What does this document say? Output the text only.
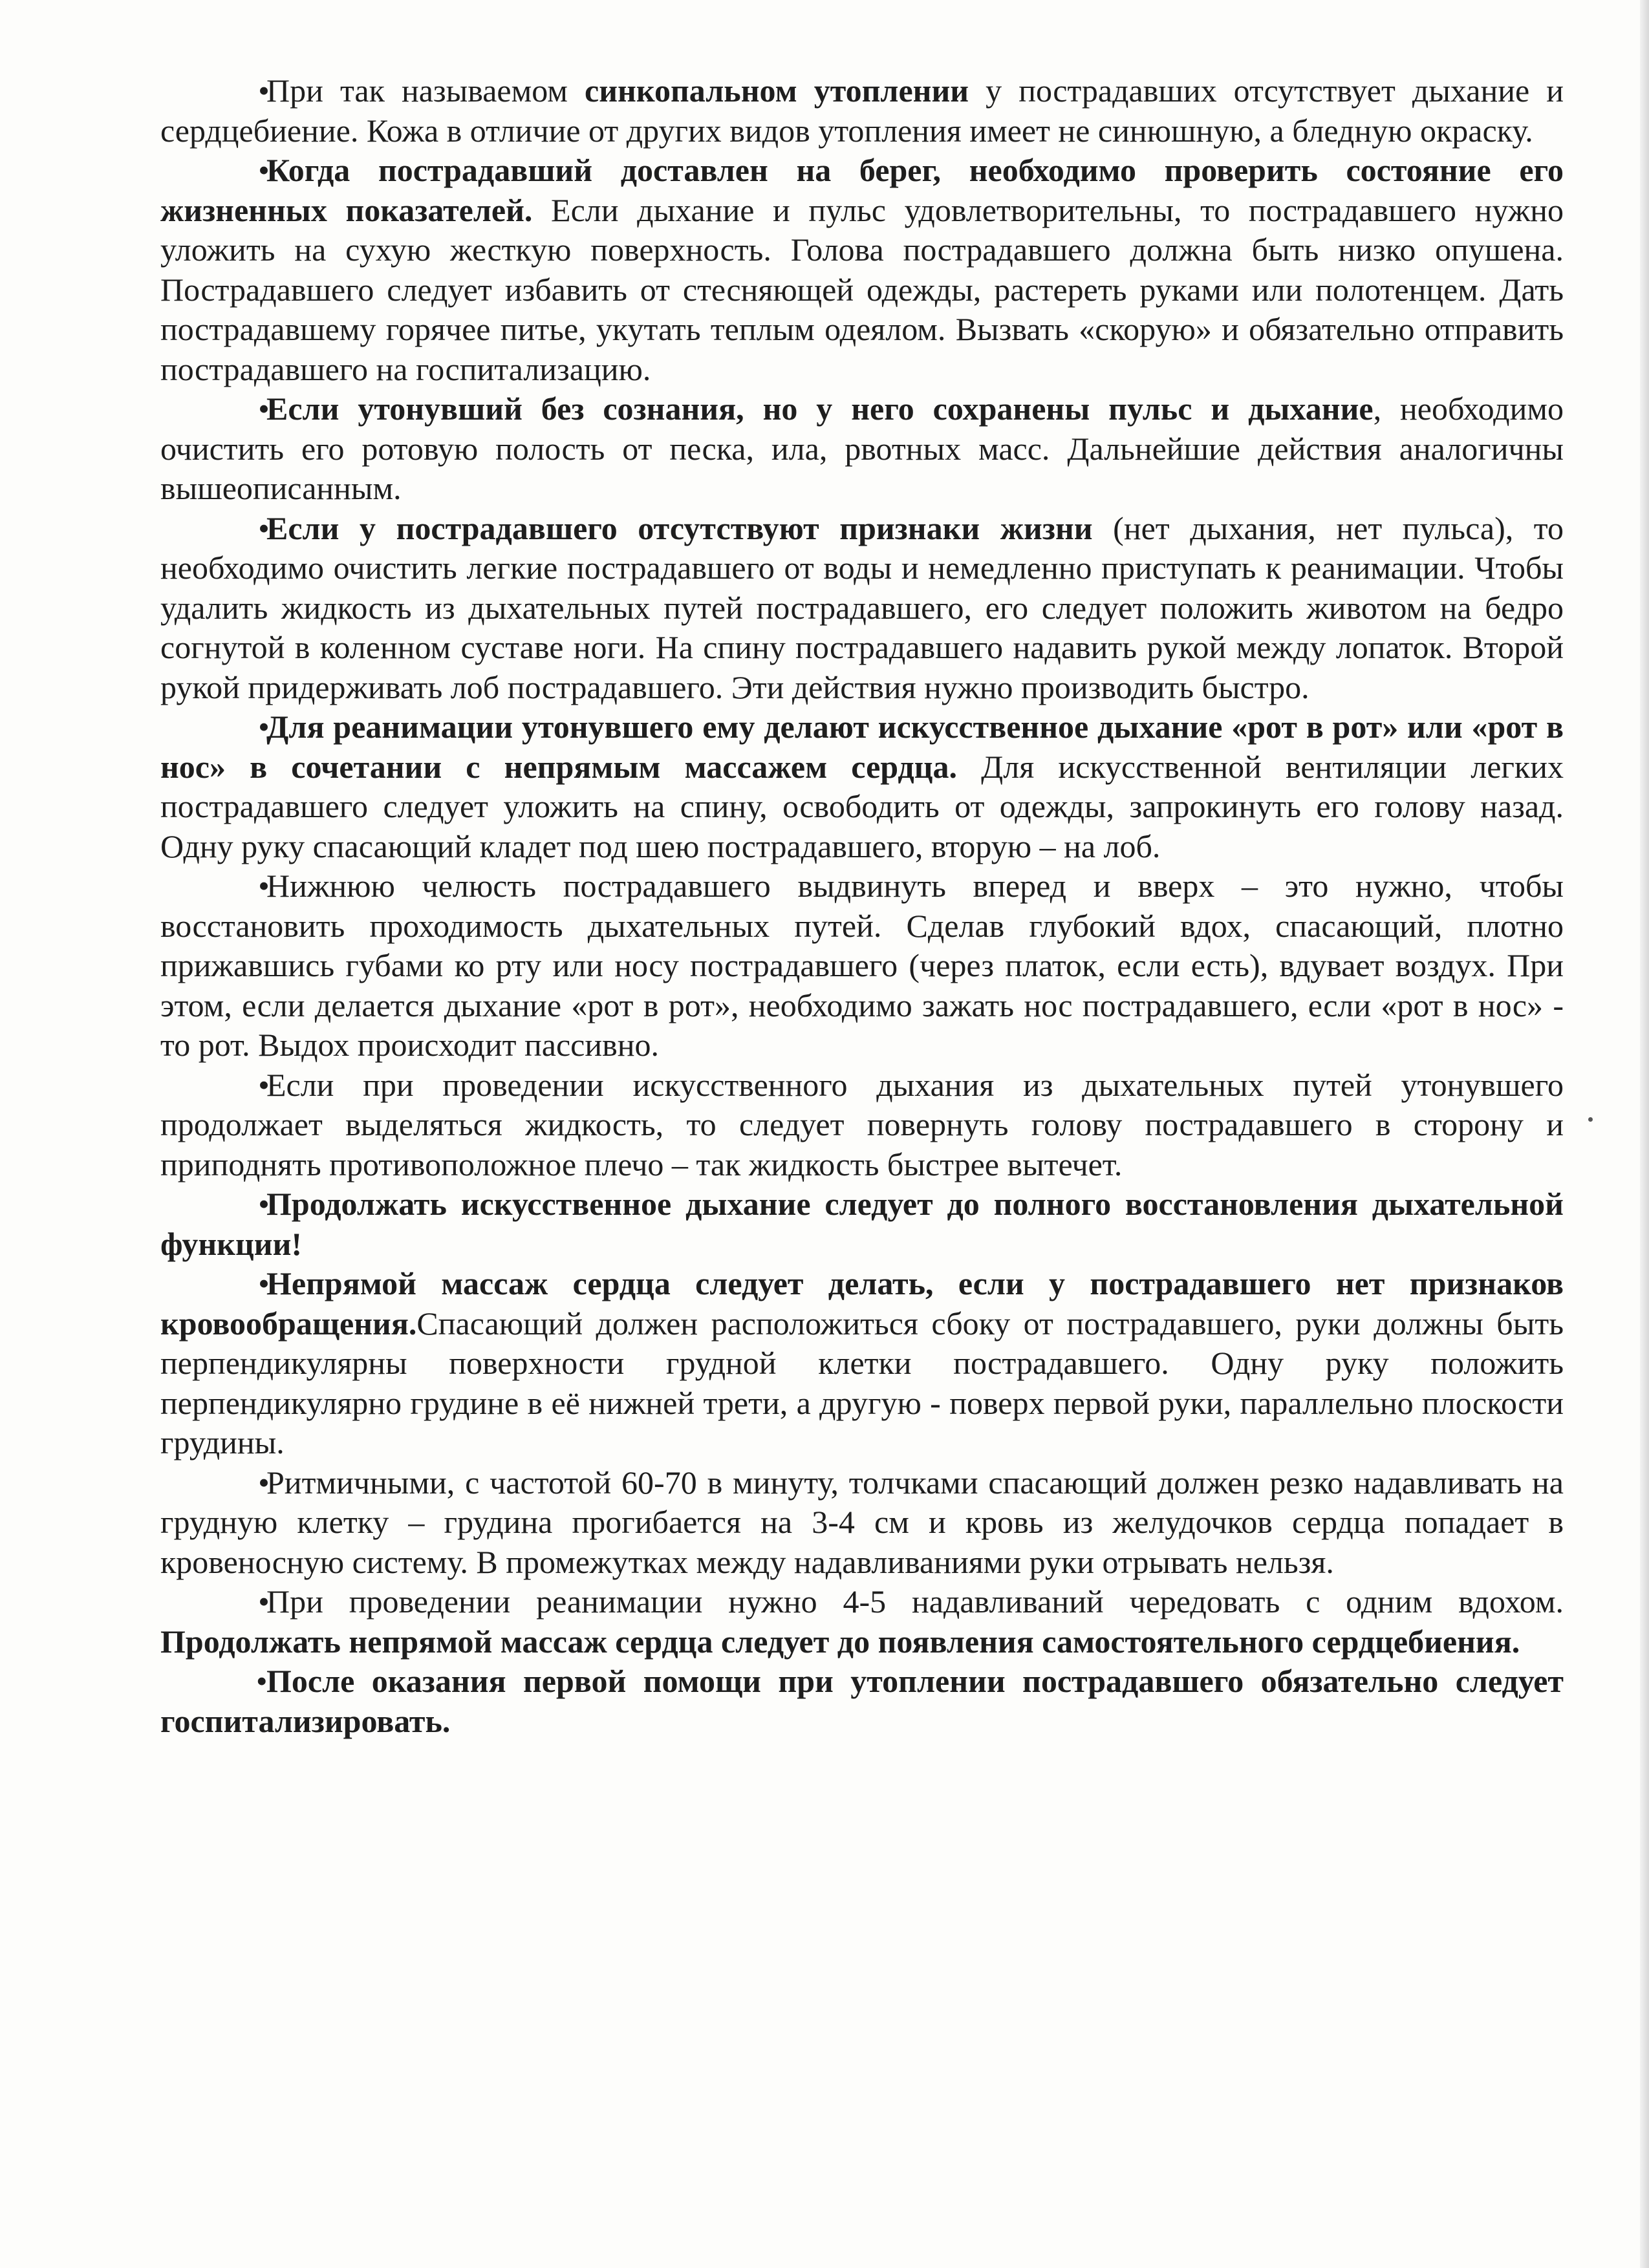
•
При так называемом синкопальном утоплении у пострадавших отсутствует дыхание и сердцебиение. Кожа в отличие от других видов утопления имеет не синюшную, а бледную окраску.

•
Когда пострадавший доставлен на берег, необходимо проверить состояние его жизненных показателей. Если дыхание и пульс удовлетворительны, то пострадавшего нужно уложить на сухую жесткую поверхность. Голова пострадавшего должна быть низко опушена. Пострадавшего следует избавить от стесняющей одежды, растереть руками или полотенцем. Дать пострадавшему горячее питье, укутать теплым одеялом. Вызвать «скорую» и обязательно отправить пострадавшего на госпитализацию.

•
Если утонувший без сознания, но у него сохранены пульс и дыхание, необходимо очистить его ротовую полость от песка, ила, рвотных масс. Дальнейшие действия аналогичны вышеописанным.

•
Если у пострадавшего отсутствуют признаки жизни (нет дыхания, нет пульса), то необходимо очистить легкие пострадавшего от воды и немедленно приступать к реанимации. Чтобы удалить жидкость из дыхательных путей пострадавшего, его следует положить животом на бедро согнутой в коленном суставе ноги. На спину пострадавшего надавить рукой между лопаток. Второй рукой придерживать лоб пострадавшего. Эти действия нужно производить быстро.

•
Для реанимации утонувшего ему делают искусственное дыхание «рот в рот» или «рот в нос» в сочетании с непрямым массажем сердца. Для искусственной вентиляции легких пострадавшего следует уложить на спину, освободить от одежды, запрокинуть его голову назад. Одну руку спасающий кладет под шею пострадавшего, вторую – на лоб.

•
Нижнюю челюсть пострадавшего выдвинуть вперед и вверх – это нужно, чтобы восстановить проходимость дыхательных путей. Сделав глубокий вдох, спасающий, плотно прижавшись губами ко рту или носу пострадавшего (через платок, если есть), вдувает воздух. При этом, если делается дыхание «рот в рот», необходимо зажать нос пострадавшего, если «рот в нос» - то рот. Выдох происходит пассивно.

•
Если при проведении искусственного дыхания из дыхательных путей утонувшего продолжает выделяться жидкость, то следует повернуть голову пострадавшего в сторону и приподнять противоположное плечо – так жидкость быстрее вытечет.

•
Продолжать искусственное дыхание следует до полного восстановления дыхательной функции!

•
Непрямой массаж сердца следует делать, если у пострадавшего нет признаков кровообращения.Спасающий должен расположиться сбоку от пострадавшего, руки должны быть перпендикулярны поверхности грудной клетки пострадавшего. Одну руку положить перпендикулярно грудине в её нижней трети, а другую - поверх первой руки, параллельно плоскости грудины.

•
Ритмичными, с частотой 60-70 в минуту, толчками спасающий должен резко надавливать на грудную клетку – грудина прогибается на 3-4 см и кровь из желудочков сердца попадает в кровеносную систему. В промежутках между надавливаниями руки отрывать нельзя.

•
При проведении реанимации нужно 4-5 надавливаний чередовать с одним вдохом. Продолжать непрямой массаж сердца следует до появления самостоятельного сердцебиения.

•
После оказания первой помощи при утоплении пострадавшего обязательно следует госпитализировать.
